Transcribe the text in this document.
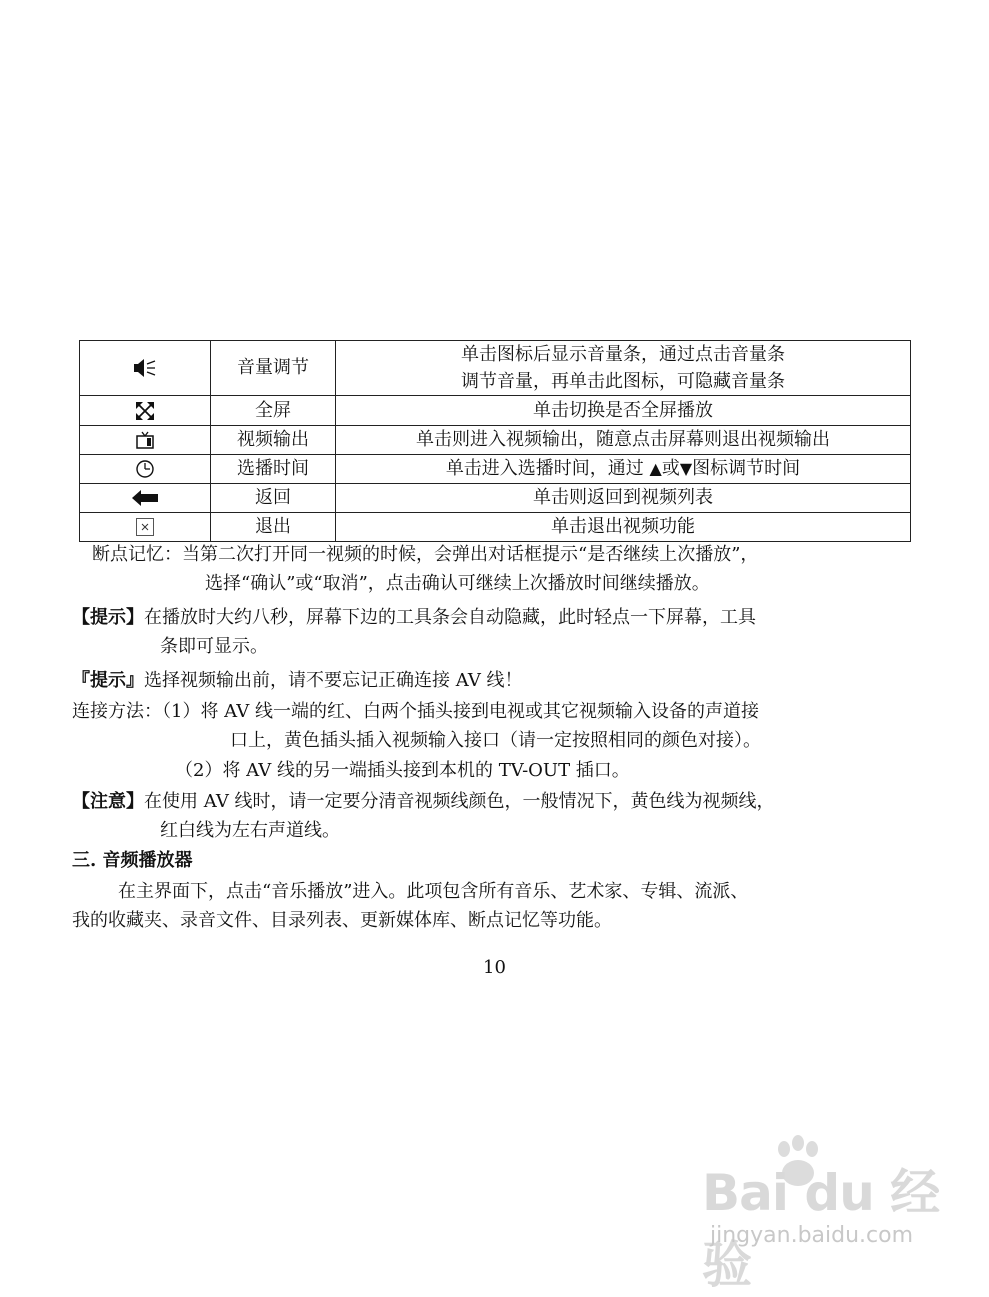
	音量调节	单击图标后显示音量条，通过点击音量条
调节音量，再单击此图标，可隐藏音量条

	全屏	单击切换是否全屏播放
	视频输出	单击则进入视频输出，随意点击屏幕则退出视频输出
	选播时间	单击进入选播时间，通过 ▲或▼图标调节时间
	返回	单击则返回到视频列表
	退出	单击退出视频功能
断点记忆：当第二次打开同一视频的时候，会弹出对话框提示“是否继续上次播放”，
选择“确认”或“取消”，点击确认可继续上次播放时间继续播放。
【提示】在播放时大约八秒，屏幕下边的工具条会自动隐藏，此时轻点一下屏幕，工具
条即可显示。
『提示』选择视频输出前，请不要忘记正确连接 AV 线！
连接方法：（1）将 AV 线一端的红、白两个插头接到电视或其它视频输入设备的声道接
口上，黄色插头插入视频输入接口（请一定按照相同的颜色对接）。
（2）将 AV 线的另一端插头接到本机的 TV-OUT 插口。
【注意】在使用 AV 线时，请一定要分清音视频线颜色，一般情况下，黄色线为视频线，
红白线为左右声道线。
三. 音频播放器
在主界面下，点击“音乐播放”进入。此项包含所有音乐、艺术家、专辑、流派、
我的收藏夹、录音文件、目录列表、更新媒体库、断点记忆等功能。
10
Bai du 经验
jingyan.baidu.com
